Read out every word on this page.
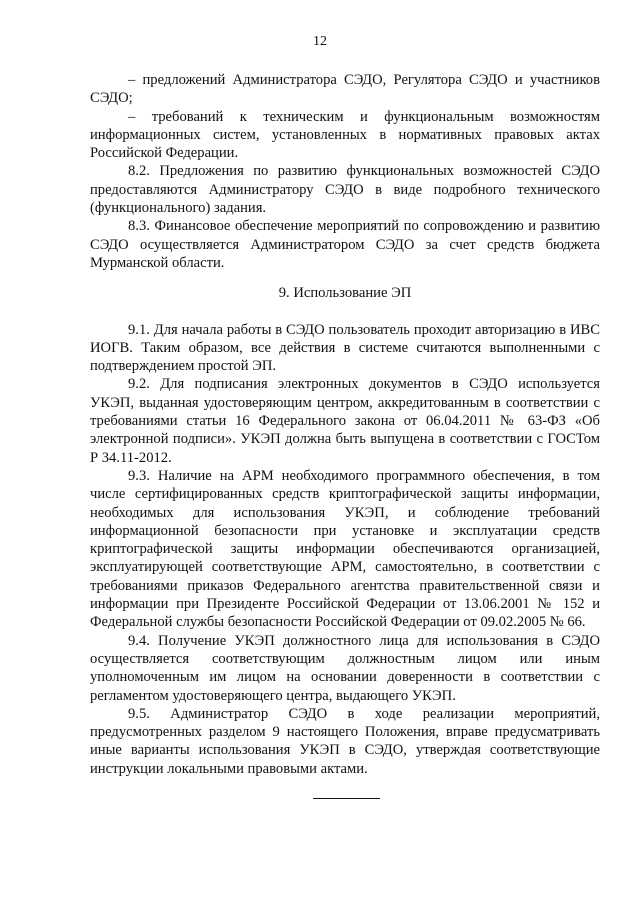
12

– предложений Администратора СЭДО, Регулятора СЭДО и участников СЭДО;

– требований к техническим и функциональным возможностям информационных систем, установленных в нормативных правовых актах Российской Федерации.

8.2. Предложения по развитию функциональных возможностей СЭДО предоставляются Администратору СЭДО в виде подробного технического (функционального) задания.

8.3. Финансовое обеспечение мероприятий по сопровождению и развитию СЭДО осуществляется Администратором СЭДО за счет средств бюджета Мурманской области.

9. Использование ЭП

9.1. Для начала работы в СЭДО пользователь проходит авторизацию в ИВС ИОГВ. Таким образом, все действия в системе считаются выполненными с подтверждением простой ЭП.

9.2. Для подписания электронных документов в СЭДО используется УКЭП, выданная удостоверяющим центром, аккредитованным в соответствии с требованиями статьи 16 Федерального закона от 06.04.2011 № 63-ФЗ «Об электронной подписи». УКЭП должна быть выпущена в соответствии с ГОСТом Р 34.11-2012.

9.3. Наличие на АРМ необходимого программного обеспечения, в том числе сертифицированных средств криптографической защиты информации, необходимых для использования УКЭП, и соблюдение требований информационной безопасности при установке и эксплуатации средств криптографической защиты информации обеспечиваются организацией, эксплуатирующей соответствующие АРМ, самостоятельно, в соответствии с требованиями приказов Федерального агентства правительственной связи и информации при Президенте Российской Федерации от 13.06.2001 № 152 и Федеральной службы безопасности Российской Федерации от 09.02.2005 № 66.

9.4. Получение УКЭП должностного лица для использования в СЭДО осуществляется соответствующим должностным лицом или иным уполномоченным им лицом на основании доверенности в соответствии с регламентом удостоверяющего центра, выдающего УКЭП.

9.5. Администратор СЭДО в ходе реализации мероприятий, предусмотренных разделом 9 настоящего Положения, вправе предусматривать иные варианты использования УКЭП в СЭДО, утверждая соответствующие инструкции локальными правовыми актами.
